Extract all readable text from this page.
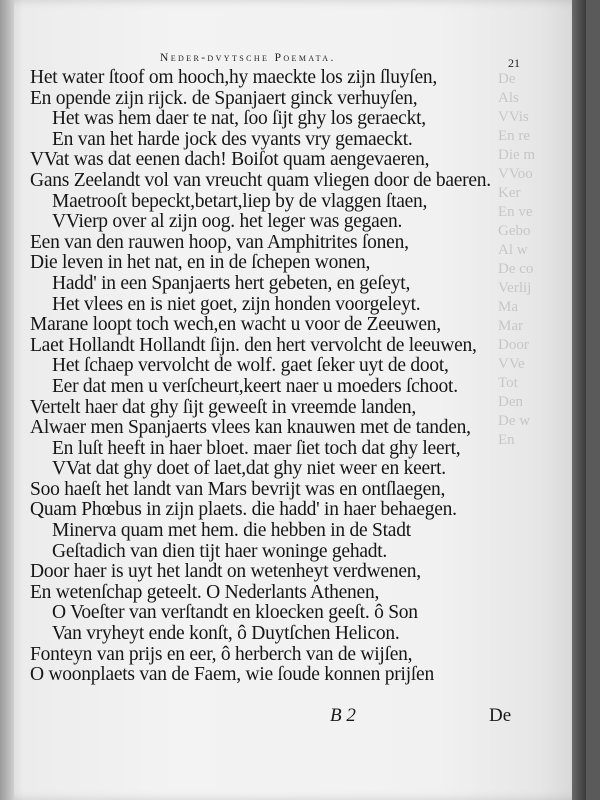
De
Als
VVis
En re
Die m
VVoo
Ker
En ve
Gebo
Al w
De co
Verlij
Ma
Mar
Door
VVe
Tot
Den
De w
En
Neder-dvytsche Poemata.	21
Het water ſtoof om hooch,hy maeckte los zijn ſluyſen,
En opende zijn rijck. de Spanjaert ginck verhuyſen,
Het was hem daer te nat, ſoo ſijt ghy los geraeckt,
En van het harde jock des vyants vry gemaeckt.
VVat was dat eenen dach! Boiſot quam aengevaeren,
Gans Zeelandt vol van vreucht quam vliegen door de baeren.
Maetrooſt bepeckt,betart,liep by de vlaggen ſtaen,
VVierp over al zijn oog. het leger was gegaen.
Een van den rauwen hoop, van Amphitrites ſonen,
Die leven in het nat, en in de ſchepen wonen,
Hadd' in een Spanjaerts hert gebeten, en geſeyt,
Het vlees en is niet goet, zijn honden voorgeleyt.
Marane loopt toch wech,en wacht u voor de Zeeuwen,
Laet Hollandt Hollandt ſijn. den hert vervolcht de leeuwen,
Het ſchaep vervolcht de wolf. gaet ſeker uyt de doot,
Eer dat men u verſcheurt,keert naer u moeders ſchoot.
Vertelt haer dat ghy ſijt geweeſt in vreemde landen,
Alwaer men Spanjaerts vlees kan knauwen met de tanden,
En luſt heeft in haer bloet. maer ſiet toch dat ghy leert,
VVat dat ghy doet of laet,dat ghy niet weer en keert.
Soo haeſt het landt van Mars bevrijt was en ontſlaegen,
Quam Phœbus in zijn plaets. die hadd' in haer behaegen.
Minerva quam met hem. die hebben in de Stadt
Geſtadich van dien tijt haer woninge gehadt.
Door haer is uyt het landt on wetenheyt verdwenen,
En wetenſchap geteelt. O Nederlants Athenen,
O Voeſter van verſtandt en kloecken geeſt. ô Son
Van vryheyt ende konſt, ô Duytſchen Helicon.
Fonteyn van prijs en eer, ô herberch van de wijſen,
O woonplaets van de Faem, wie ſoude konnen prijſen
B 2	De
